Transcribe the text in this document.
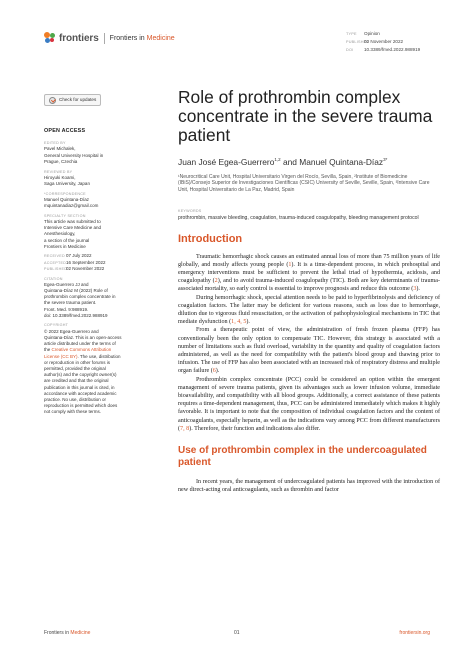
frontiers Frontiers in Medicine
TYPE Opinion
PUBLISHED02 November 2022
DOI 10.3389/fmed.2022.988919
Check for updates
OPEN ACCESS
EDITED BY
Pavel Michalek,
General University Hospital in
Prague, Czechia
REVIEWED BY
Hiroyuki Koami,
Saga University, Japan
*CORRESPONDENCE
Manuel Quintana-Díaz
mquintanadiaz@gmail.com
SPECIALTY SECTION
This article was submitted to
Intensive Care Medicine and
Anesthesiology,
a section of the journal
Frontiers in Medicine
RECEIVED07 July 2022
ACCEPTED16 September 2022
PUBLISHED02 November 2022
CITATION
Egea-Guerrero JJ and
Quintana-Díaz M (2022) Role of
prothrombin complex concentrate in
the severe trauma patient.
Front. Med. 9:988919.
doi: 10.3389/fmed.2022.988919
COPYRIGHT
© 2022 Egea-Guerrero and
Quintana-Díaz. This is an open-access
article distributed under the terms of
the Creative Commons Attribution
License (CC BY). The use, distribution
or reproduction in other forums is
permitted, provided the original
author(s) and the copyright owner(s)
are credited and that the original
publication in this journal is cited, in
accordance with accepted academic
practice. No use, distribution or
reproduction is permitted which does
not comply with these terms.
Role of prothrombin complex concentrate in the severe trauma patient
Juan José Egea-Guerrero$^{1,2}$ and Manuel Quintana-Díaz$^{3*}$
¹Neurocritical Care Unit, Hospital Universitario Virgen del Rocío, Sevilla, Spain, ²Institute of Biomedicine (IBiS)/Consejo Superior de Investigaciones Científicas (CSIC) University of Seville, Seville, Spain, ³Intensive Care Unit, Hospital Universitario de La Paz, Madrid, Spain
KEYWORDS
prothrombin, massive bleeding, coagulation, trauma-induced coagulopathy, bleeding management protocol
Introduction

Traumatic hemorrhagic shock causes an estimated annual loss of more than 75 million years of life globally, and mostly affects young people (1). It is a time-dependent process, in which prehospital and emergency interventions must be sufficient to prevent the lethal triad of hypothermia, acidosis, and coagulopathy (2), and to avoid trauma-induced coagulopathy (TIC). Both are key determinants of trauma-associated mortality, so early control is essential to improve prognosis and reduce this outcome (3).

During hemorrhagic shock, special attention needs to be paid to hyperfibrinolysis and deficiency of coagulation factors. The latter may be deficient for various reasons, such as loss due to hemorrhage, dilution due to vigorous fluid resuscitation, or the activation of pathophysiological mechanisms in TIC that mediate dysfunction (1, 4, 5).

From a therapeutic point of view, the administration of fresh frozen plasma (FFP) has conventionally been the only option to compensate TIC. However, this strategy is associated with a number of limitations such as fluid overload, variability in the quantity and quality of coagulation factors administered, as well as the need for compatibility with the patient's blood group and thawing prior to infusion. The use of FFP has also been associated with an increased risk of respiratory distress and multiple organ failure (6).

Prothrombin complex concentrate (PCC) could be considered an option within the emergent management of severe trauma patients, given its advantages such as lower infusion volume, immediate bioavailability, and compatibility with all blood groups. Additionally, a correct assistance of these patients requires a time-dependent management, thus, PCC can be administered immediately which makes it highly favorable. It is important to note that the composition of individual coagulation factors and the content of anticoagulants, especially heparin, as well as the indications vary among PCC from different manufacturers (7, 8). Therefore, their function and indications also differ.

Use of prothrombin complex in the undercoagulated patient

In recent years, the management of undercoagulated patients has improved with the introduction of new direct-acting oral anticoagulants, such as thrombin and factor

Frontiers in Medicine	01	frontiersin.org
